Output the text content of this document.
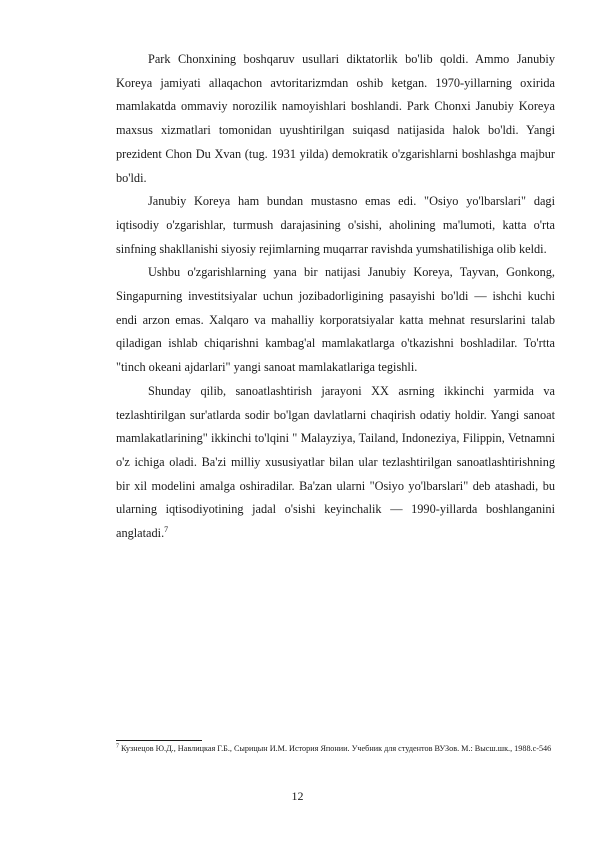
Park Chonxining boshqaruv usullari diktatorlik bo'lib qoldi. Ammo Janubiy Koreya jamiyati allaqachon avtoritarizmdan oshib ketgan. 1970-yillarning oxirida mamlakatda ommaviy norozilik namoyishlari boshlandi. Park Chonxi Janubiy Koreya maxsus xizmatlari tomonidan uyushtirilgan suiqasd natijasida halok bo'ldi. Yangi prezident Chon Du Xvan (tug. 1931 yilda) demokratik o'zgarishlarni boshlashga majbur bo'ldi.

Janubiy Koreya ham bundan mustasno emas edi. "Osiyo yo'lbarslari" dagi iqtisodiy o'zgarishlar, turmush darajasining o'sishi, aholining ma'lumoti, katta o'rta sinfning shakllanishi siyosiy rejimlarning muqarrar ravishda yumshatilishiga olib keldi.

Ushbu o'zgarishlarning yana bir natijasi Janubiy Koreya, Tayvan, Gonkong, Singapurning investitsiyalar uchun jozibadorligining pasayishi bo'ldi — ishchi kuchi endi arzon emas. Xalqaro va mahalliy korporatsiyalar katta mehnat resurslarini talab qiladigan ishlab chiqarishni kambag'al mamlakatlarga o'tkazishni boshladilar. To'rtta "tinch okeani ajdarlari" yangi sanoat mamlakatlariga tegishli.

Shunday qilib, sanoatlashtirish jarayoni XX asrning ikkinchi yarmida va tezlashtirilgan sur'atlarda sodir bo'lgan davlatlarni chaqirish odatiy holdir. Yangi sanoat mamlakatlarining" ikkinchi to'lqini " Malayziya, Tailand, Indoneziya, Filippin, Vetnamni o'z ichiga oladi. Ba'zi milliy xususiyatlar bilan ular tezlashtirilgan sanoatlashtirishning bir xil modelini amalga oshiradilar. Ba'zan ularni "Osiyo yo'lbarslari" deb atashadi, bu ularning iqtisodiyotining jadal o'sishi keyinchalik — 1990-yillarda boshlanganini anglatadi.$^7$

$^7$ Кузнецов Ю.Д., Навлицкая Г.Б., Сырицын И.М. История Японии. Учебник для студентов ВУЗов. М.: Высш.шк., 1988.с-546
12
